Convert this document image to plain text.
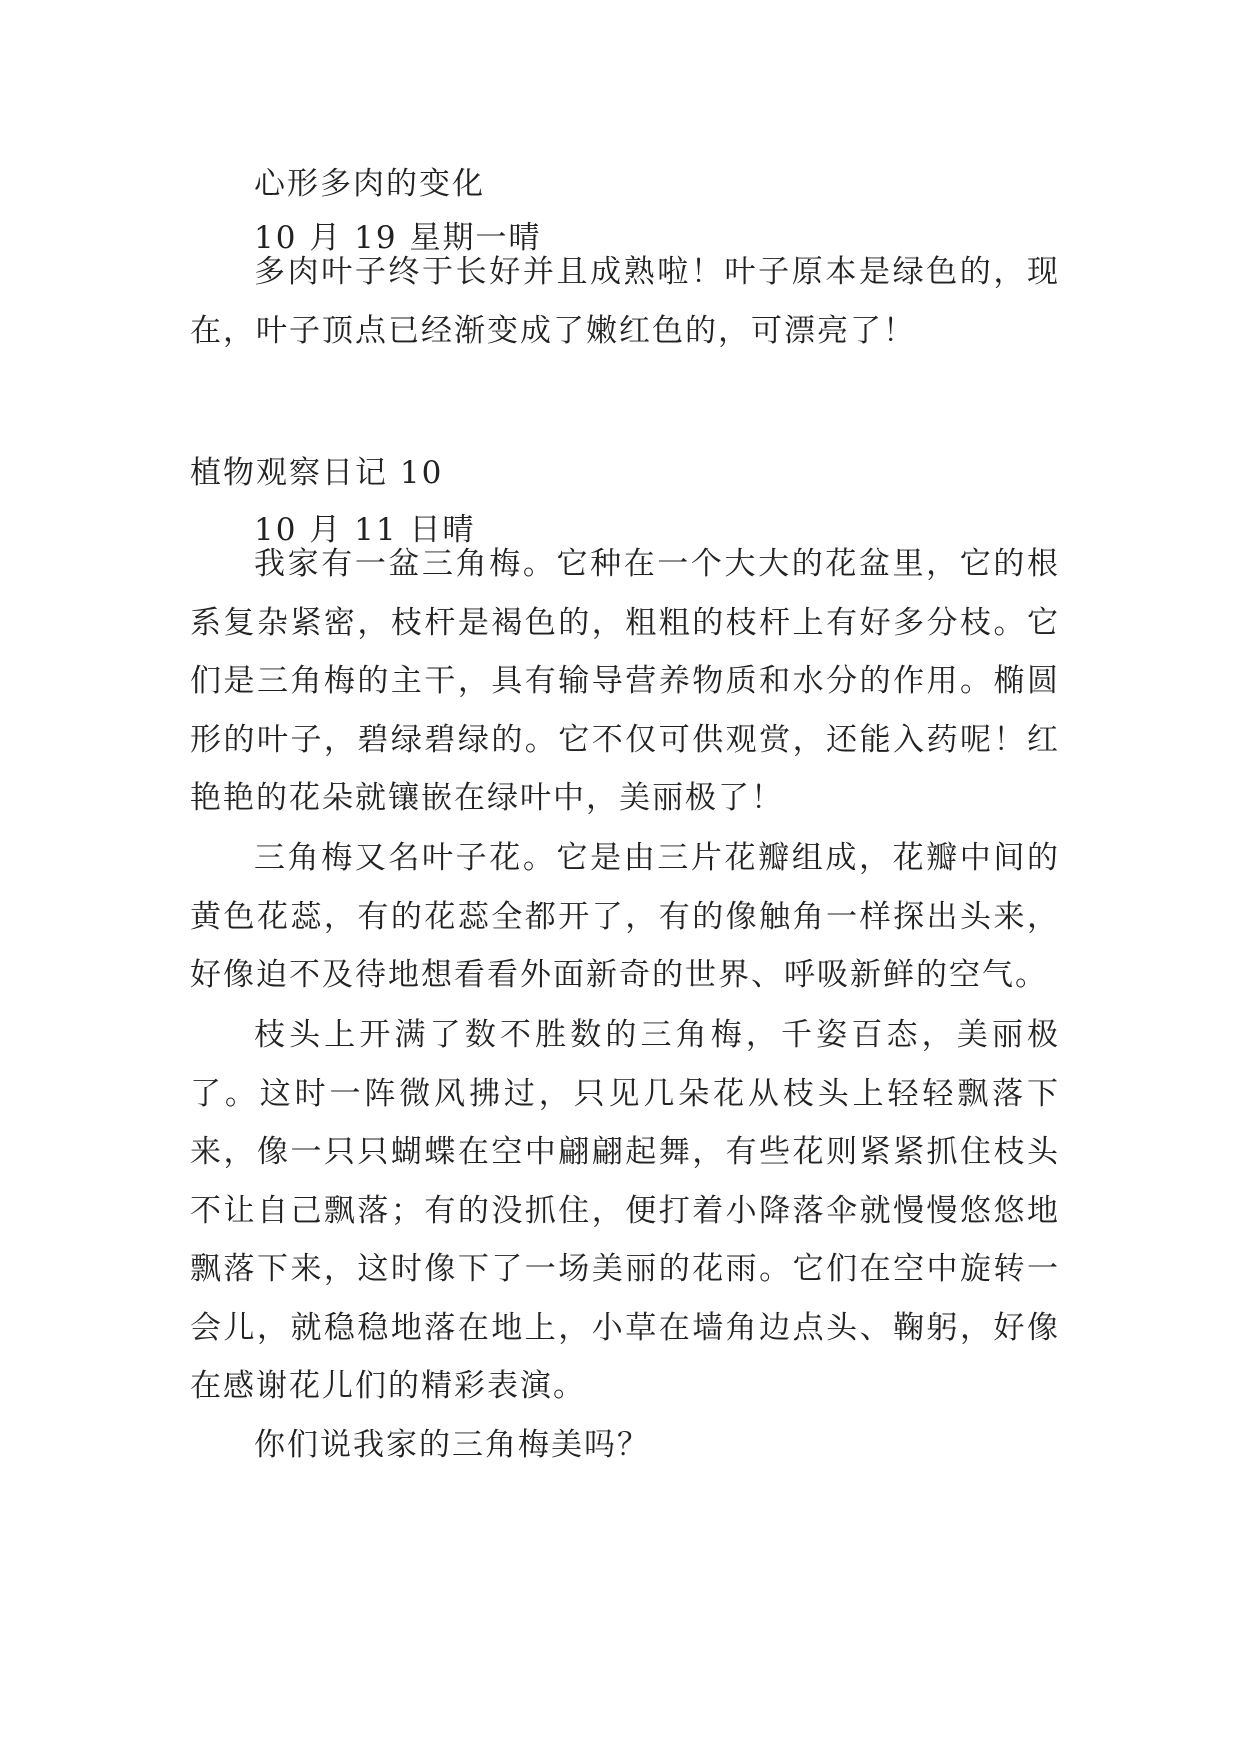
心形多肉的变化
10 月 19 星期一晴
多肉叶子终于长好并且成熟啦！叶子原本是绿色的，现在，叶子顶点已经渐变成了嫩红色的，可漂亮了！
植物观察日记 10
10 月 11 日晴
我家有一盆三角梅。它种在一个大大的花盆里，它的根系复杂紧密，枝杆是褐色的，粗粗的枝杆上有好多分枝。它们是三角梅的主干，具有输导营养物质和水分的作用。椭圆形的叶子，碧绿碧绿的。它不仅可供观赏，还能入药呢！红艳艳的花朵就镶嵌在绿叶中，美丽极了！
三角梅又名叶子花。它是由三片花瓣组成，花瓣中间的黄色花蕊，有的花蕊全都开了，有的像触角一样探出头来，好像迫不及待地想看看外面新奇的世界、呼吸新鲜的空气。
枝头上开满了数不胜数的三角梅，千姿百态，美丽极了。这时一阵微风拂过，只见几朵花从枝头上轻轻飘落下来，像一只只蝴蝶在空中翩翩起舞，有些花则紧紧抓住枝头不让自己飘落；有的没抓住，便打着小降落伞就慢慢悠悠地飘落下来，这时像下了一场美丽的花雨。它们在空中旋转一会儿，就稳稳地落在地上，小草在墙角边点头、鞠躬，好像在感谢花儿们的精彩表演。
你们说我家的三角梅美吗？
